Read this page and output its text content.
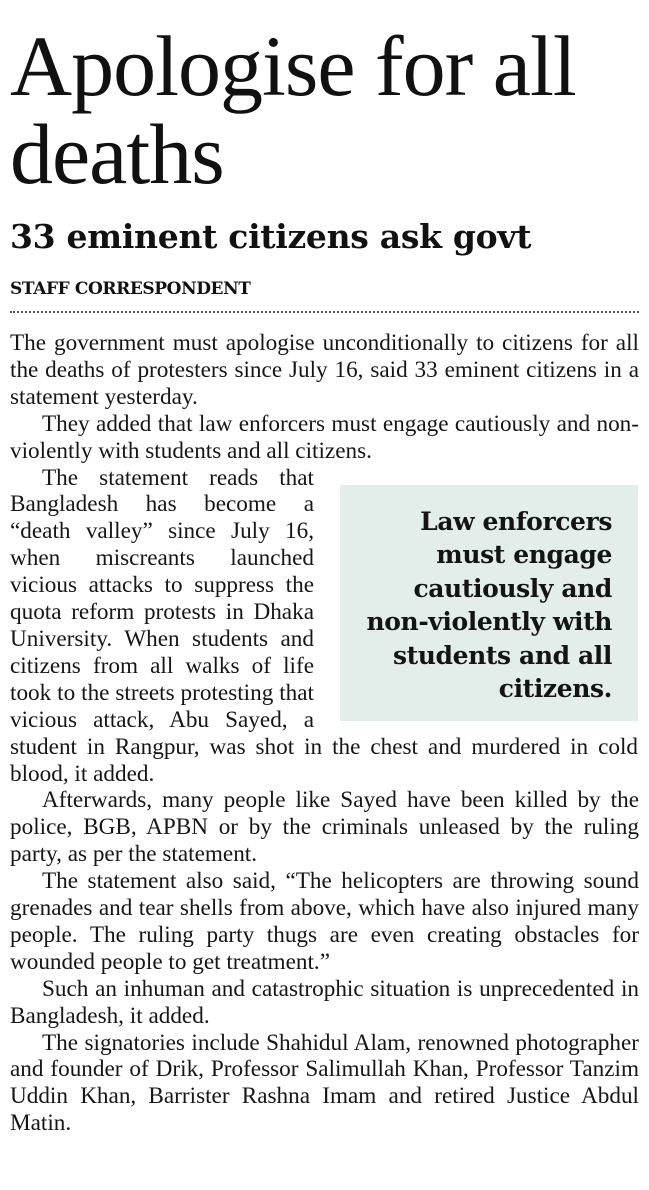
Apologise for all deaths
33 eminent citizens ask govt
STAFF CORRESPONDENT

The government must apologise unconditionally to citizens for all the deaths of protesters since July 16, said 33 eminent citizens in a statement yesterday.

They added that law enforcers must engage cautiously and non-violently with students and all citizens.

Law enforcers must engage cautiously and non-violently with students and all citizens.

The statement reads that Bangladesh has become a “death valley” since July 16, when miscreants launched vicious attacks to suppress the quota reform protests in Dhaka University. When students and citizens from all walks of life took to the streets protesting that vicious attack, Abu Sayed, a student in Rangpur, was shot in the chest and murdered in cold blood, it added.

Afterwards, many people like Sayed have been killed by the police, BGB, APBN or by the criminals unleased by the ruling party, as per the statement.

The statement also said, “The helicopters are throwing sound grenades and tear shells from above, which have also injured many people. The ruling party thugs are even creating obstacles for wounded people to get treatment.”

Such an inhuman and catastrophic situation is unprecedented in Bangladesh, it added.

The signatories include Shahidul Alam, renowned photographer and founder of Drik, Professor Salimullah Khan, Professor Tanzim Uddin Khan, Barrister Rashna Imam and retired Justice Abdul Matin.
